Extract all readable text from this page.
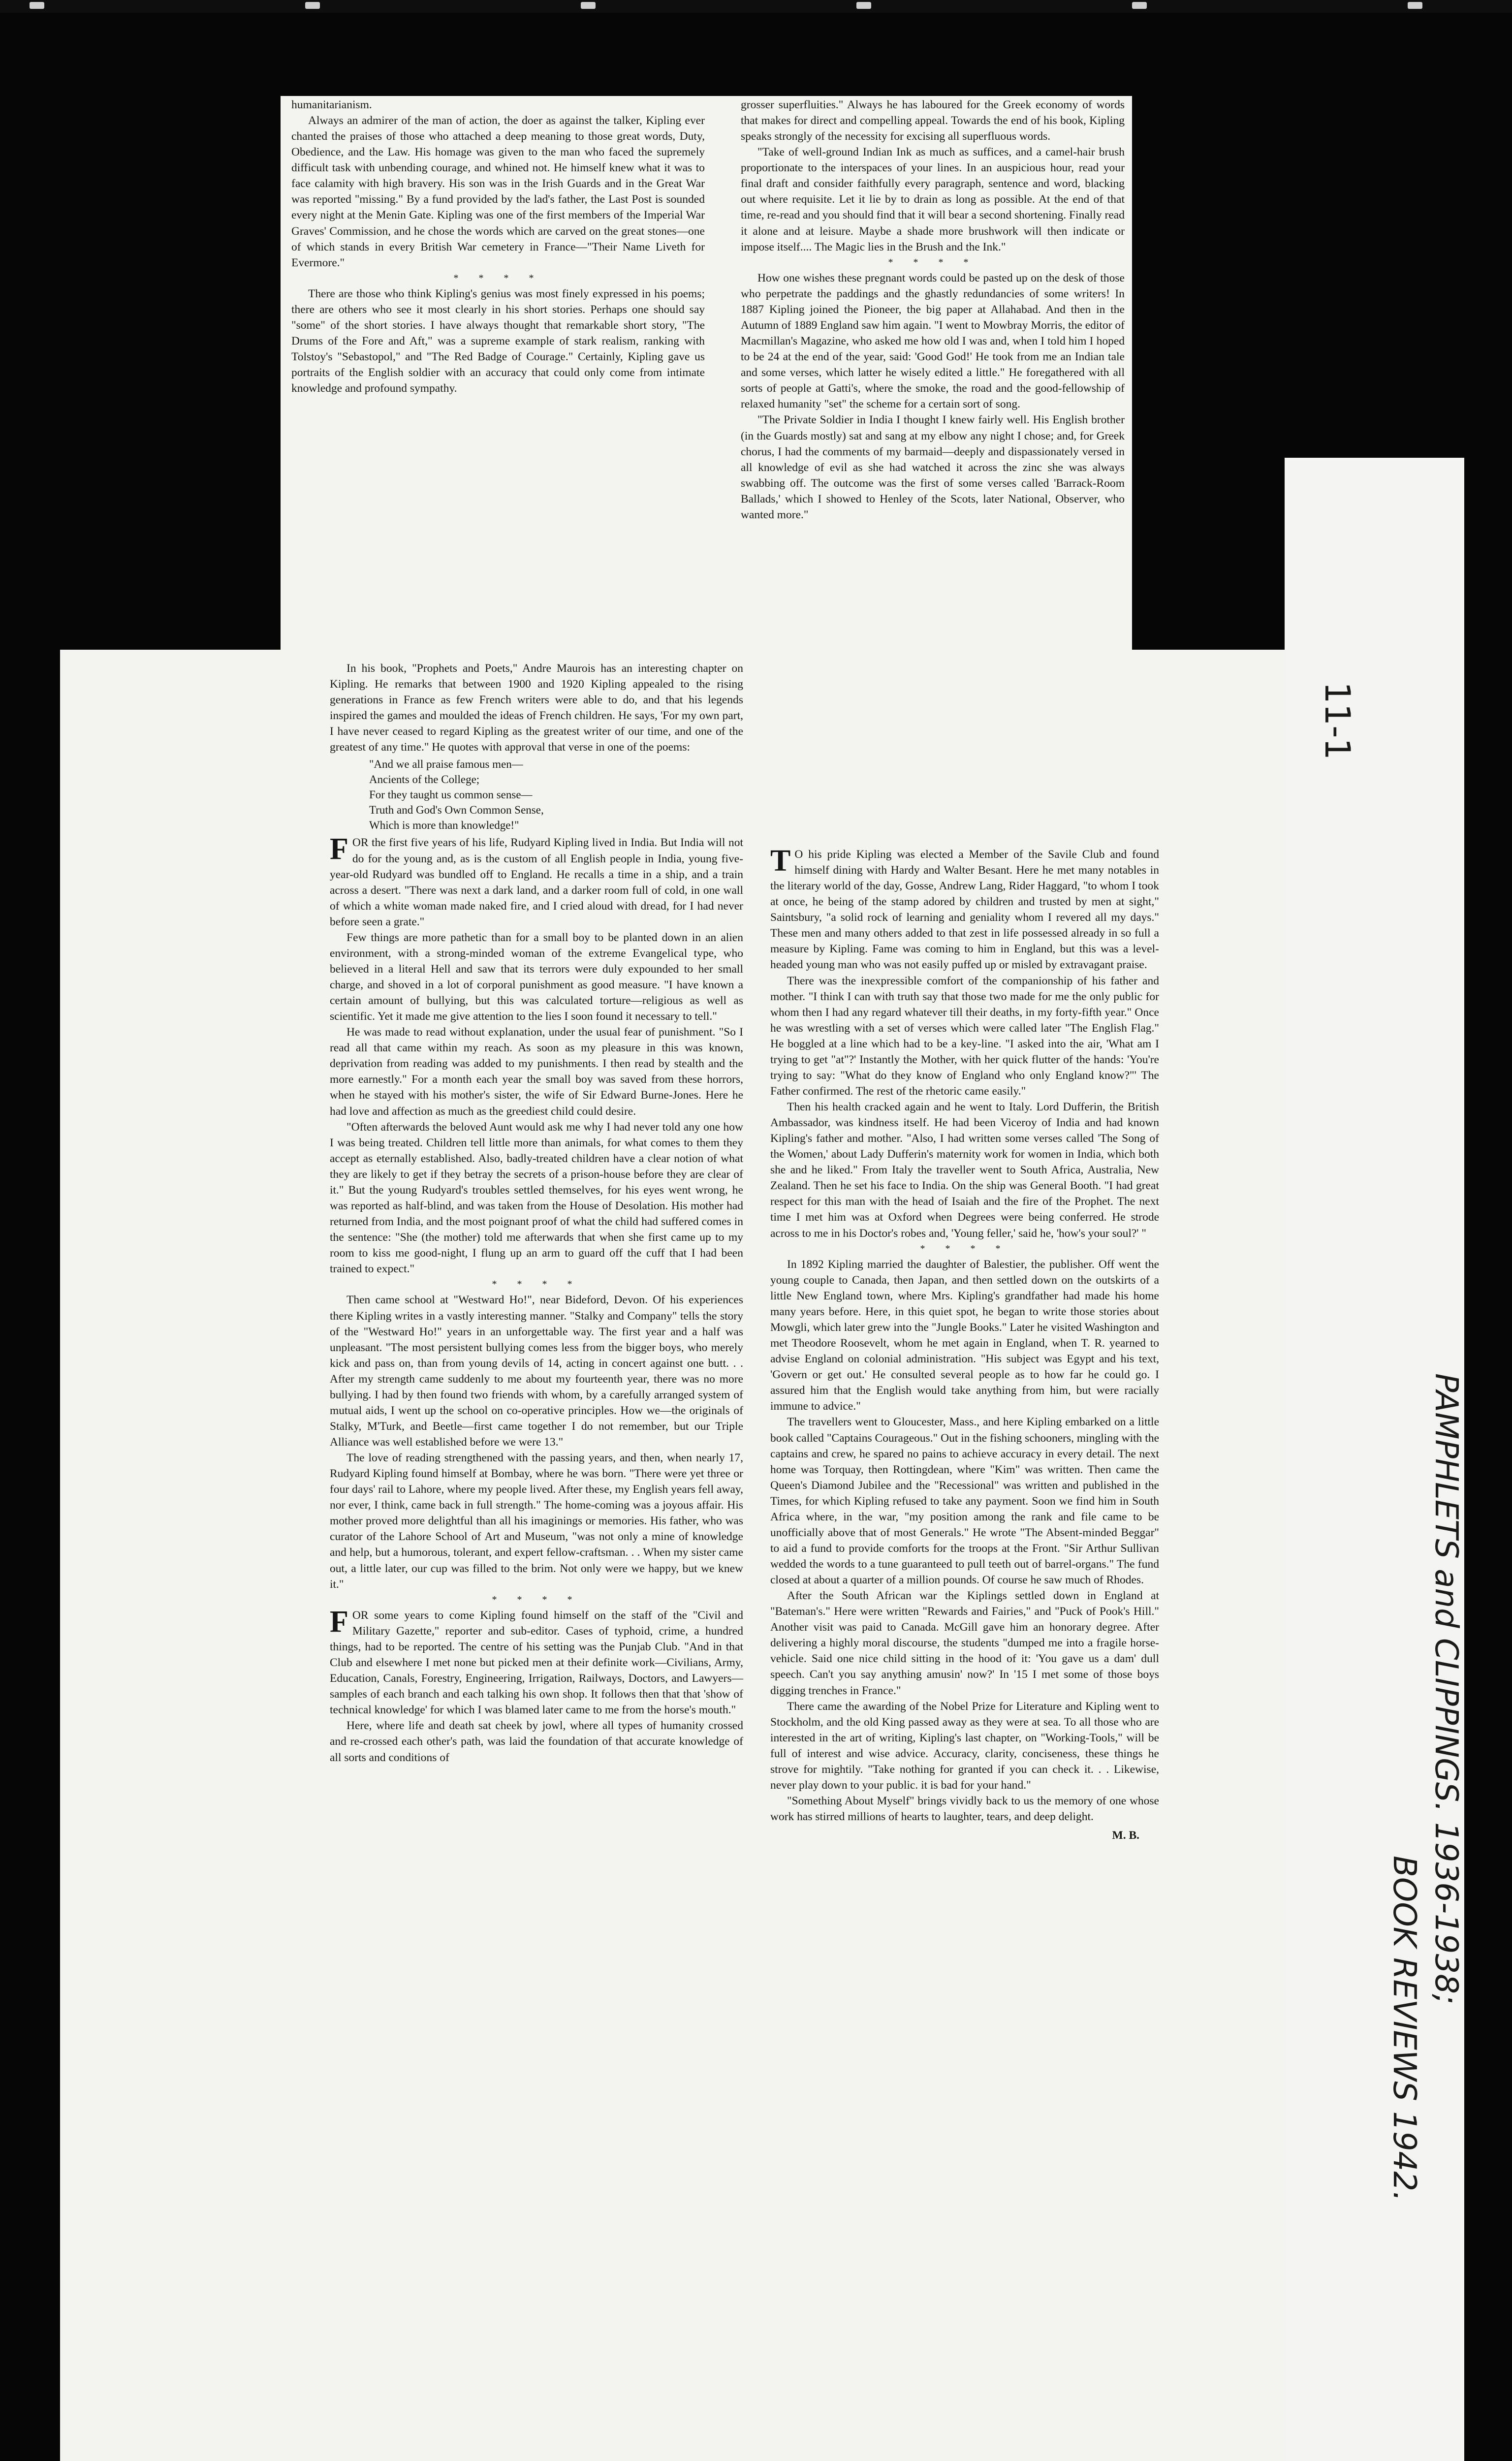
humanitarianism.

Always an admirer of the man of action, the doer as against the talker, Kipling ever chanted the praises of those who attached a deep meaning to those great words, Duty, Obedience, and the Law. His homage was given to the man who faced the supremely difficult task with unbending courage, and whined not. He himself knew what it was to face calamity with high bravery. His son was in the Irish Guards and in the Great War was reported "missing." By a fund provided by the lad's father, the Last Post is sounded every night at the Menin Gate. Kipling was one of the first members of the Imperial War Graves' Commission, and he chose the words which are carved on the great stones—one of which stands in every British War cemetery in France—"Their Name Liveth for Evermore."

* * * *

There are those who think Kipling's genius was most finely expressed in his poems; there are others who see it most clearly in his short stories. Perhaps one should say "some" of the short stories. I have always thought that remarkable short story, "The Drums of the Fore and Aft," was a supreme example of stark realism, ranking with Tolstoy's "Sebastopol," and "The Red Badge of Courage." Certainly, Kipling gave us portraits of the English soldier with an accuracy that could only come from intimate knowledge and profound sympathy.

grosser superfluities." Always he has laboured for the Greek economy of words that makes for direct and compelling appeal. Towards the end of his book, Kipling speaks strongly of the necessity for excising all superfluous words.

"Take of well-ground Indian Ink as much as suffices, and a camel-hair brush proportionate to the interspaces of your lines. In an auspicious hour, read your final draft and consider faithfully every paragraph, sentence and word, blacking out where requisite. Let it lie by to drain as long as possible. At the end of that time, re-read and you should find that it will bear a second shortening. Finally read it alone and at leisure. Maybe a shade more brushwork will then indicate or impose itself.... The Magic lies in the Brush and the Ink."

* * * *

How one wishes these pregnant words could be pasted up on the desk of those who perpetrate the paddings and the ghastly redundancies of some writers! In 1887 Kipling joined the Pioneer, the big paper at Allahabad. And then in the Autumn of 1889 England saw him again. "I went to Mowbray Morris, the editor of Macmillan's Magazine, who asked me how old I was and, when I told him I hoped to be 24 at the end of the year, said: 'Good God!' He took from me an Indian tale and some verses, which latter he wisely edited a little." He foregathered with all sorts of people at Gatti's, where the smoke, the road and the good-fellowship of relaxed humanity "set" the scheme for a certain sort of song.

"The Private Soldier in India I thought I knew fairly well. His English brother (in the Guards mostly) sat and sang at my elbow any night I chose; and, for Greek chorus, I had the comments of my barmaid—deeply and dispassionately versed in all knowledge of evil as she had watched it across the zinc she was always swabbing off. The outcome was the first of some verses called 'Barrack-Room Ballads,' which I showed to Henley of the Scots, later National, Observer, who wanted more."

In his book, "Prophets and Poets," Andre Maurois has an interesting chapter on Kipling. He remarks that between 1900 and 1920 Kipling appealed to the rising generations in France as few French writers were able to do, and that his legends inspired the games and moulded the ideas of French children. He says, 'For my own part, I have never ceased to regard Kipling as the greatest writer of our time, and one of the greatest of any time." He quotes with approval that verse in one of the poems:

"And we all praise famous men—
Ancients of the College;
For they taught us common sense—
Truth and God's Own Common Sense,
Which is more than knowledge!"

FOR the first five years of his life, Rudyard Kipling lived in India. But India will not do for the young and, as is the custom of all English people in India, young five-year-old Rudyard was bundled off to England. He recalls a time in a ship, and a train across a desert. "There was next a dark land, and a darker room full of cold, in one wall of which a white woman made naked fire, and I cried aloud with dread, for I had never before seen a grate."

Few things are more pathetic than for a small boy to be planted down in an alien environment, with a strong-minded woman of the extreme Evangelical type, who believed in a literal Hell and saw that its terrors were duly expounded to her small charge, and shoved in a lot of corporal punishment as good measure. "I have known a certain amount of bullying, but this was calculated torture—religious as well as scientific. Yet it made me give attention to the lies I soon found it necessary to tell."

He was made to read without explanation, under the usual fear of punishment. "So I read all that came within my reach. As soon as my pleasure in this was known, deprivation from reading was added to my punishments. I then read by stealth and the more earnestly." For a month each year the small boy was saved from these horrors, when he stayed with his mother's sister, the wife of Sir Edward Burne-Jones. Here he had love and affection as much as the greediest child could desire.

"Often afterwards the beloved Aunt would ask me why I had never told any one how I was being treated. Children tell little more than animals, for what comes to them they accept as eternally established. Also, badly-treated children have a clear notion of what they are likely to get if they betray the secrets of a prison-house before they are clear of it." But the young Rudyard's troubles settled themselves, for his eyes went wrong, he was reported as half-blind, and was taken from the House of Desolation. His mother had returned from India, and the most poignant proof of what the child had suffered comes in the sentence: "She (the mother) told me afterwards that when she first came up to my room to kiss me good-night, I flung up an arm to guard off the cuff that I had been trained to expect."

* * * *

Then came school at "Westward Ho!", near Bideford, Devon. Of his experiences there Kipling writes in a vastly interesting manner. "Stalky and Company" tells the story of the "Westward Ho!" years in an unforgettable way. The first year and a half was unpleasant. "The most persistent bullying comes less from the bigger boys, who merely kick and pass on, than from young devils of 14, acting in concert against one butt. . . After my strength came suddenly to me about my fourteenth year, there was no more bullying. I had by then found two friends with whom, by a carefully arranged system of mutual aids, I went up the school on co-operative principles. How we—the originals of Stalky, M'Turk, and Beetle—first came together I do not remember, but our Triple Alliance was well established before we were 13."

The love of reading strengthened with the passing years, and then, when nearly 17, Rudyard Kipling found himself at Bombay, where he was born. "There were yet three or four days' rail to Lahore, where my people lived. After these, my English years fell away, nor ever, I think, came back in full strength." The home-coming was a joyous affair. His mother proved more delightful than all his imaginings or memories. His father, who was curator of the Lahore School of Art and Museum, "was not only a mine of knowledge and help, but a humorous, tolerant, and expert fellow-craftsman. . . When my sister came out, a little later, our cup was filled to the brim. Not only were we happy, but we knew it."

* * * *

FOR some years to come Kipling found himself on the staff of the "Civil and Military Gazette," reporter and sub-editor. Cases of typhoid, crime, a hundred things, had to be reported. The centre of his setting was the Punjab Club. "And in that Club and elsewhere I met none but picked men at their definite work—Civilians, Army, Education, Canals, Forestry, Engineering, Irrigation, Railways, Doctors, and Lawyers—samples of each branch and each talking his own shop. It follows then that that 'show of technical knowledge' for which I was blamed later came to me from the horse's mouth."

Here, where life and death sat cheek by jowl, where all types of humanity crossed and re-crossed each other's path, was laid the foundation of that accurate knowledge of all sorts and conditions of

T O his pride Kipling was elected a Member of the Savile Club and found himself dining with Hardy and Walter Besant. Here he met many notables in the literary world of the day, Gosse, Andrew Lang, Rider Haggard, "to whom I took at once, he being of the stamp adored by children and trusted by men at sight," Saintsbury, "a solid rock of learning and geniality whom I revered all my days." These men and many others added to that zest in life possessed already in so full a measure by Kipling. Fame was coming to him in England, but this was a level-headed young man who was not easily puffed up or misled by extravagant praise.

There was the inexpressible comfort of the companionship of his father and mother. "I think I can with truth say that those two made for me the only public for whom then I had any regard whatever till their deaths, in my forty-fifth year." Once he was wrestling with a set of verses which were called later "The English Flag." He boggled at a line which had to be a key-line. "I asked into the air, 'What am I trying to get "at"?' Instantly the Mother, with her quick flutter of the hands: 'You're trying to say: "What do they know of England who only England know?"' The Father confirmed. The rest of the rhetoric came easily."

Then his health cracked again and he went to Italy. Lord Dufferin, the British Ambassador, was kindness itself. He had been Viceroy of India and had known Kipling's father and mother. "Also, I had written some verses called 'The Song of the Women,' about Lady Dufferin's maternity work for women in India, which both she and he liked." From Italy the traveller went to South Africa, Australia, New Zealand. Then he set his face to India. On the ship was General Booth. "I had great respect for this man with the head of Isaiah and the fire of the Prophet. The next time I met him was at Oxford when Degrees were being conferred. He strode across to me in his Doctor's robes and, 'Young feller,' said he, 'how's your soul?' "

* * * *

In 1892 Kipling married the daughter of Balestier, the publisher. Off went the young couple to Canada, then Japan, and then settled down on the outskirts of a little New England town, where Mrs. Kipling's grandfather had made his home many years before. Here, in this quiet spot, he began to write those stories about Mowgli, which later grew into the "Jungle Books." Later he visited Washington and met Theodore Roosevelt, whom he met again in England, when T. R. yearned to advise England on colonial administration. "His subject was Egypt and his text, 'Govern or get out.' He consulted several people as to how far he could go. I assured him that the English would take anything from him, but were racially immune to advice."

The travellers went to Gloucester, Mass., and here Kipling embarked on a little book called "Captains Courageous." Out in the fishing schooners, mingling with the captains and crew, he spared no pains to achieve accuracy in every detail. The next home was Torquay, then Rottingdean, where "Kim" was written. Then came the Queen's Diamond Jubilee and the "Recessional" was written and published in the Times, for which Kipling refused to take any payment. Soon we find him in South Africa where, in the war, "my position among the rank and file came to be unofficially above that of most Generals." He wrote "The Absent-minded Beggar" to aid a fund to provide comforts for the troops at the Front. "Sir Arthur Sullivan wedded the words to a tune guaranteed to pull teeth out of barrel-organs." The fund closed at about a quarter of a million pounds. Of course he saw much of Rhodes.

After the South African war the Kiplings settled down in England at "Bateman's." Here were written "Rewards and Fairies," and "Puck of Pook's Hill." Another visit was paid to Canada. McGill gave him an honorary degree. After delivering a highly moral discourse, the students "dumped me into a fragile horse-vehicle. Said one nice child sitting in the hood of it: 'You gave us a dam' dull speech. Can't you say anything amusin' now?' In '15 I met some of those boys digging trenches in France."

There came the awarding of the Nobel Prize for Literature and Kipling went to Stockholm, and the old King passed away as they were at sea. To all those who are interested in the art of writing, Kipling's last chapter, on "Working-Tools," will be full of interest and wise advice. Accuracy, clarity, conciseness, these things he strove for mightily. "Take nothing for granted if you can check it. . . Likewise, never play down to your public. it is bad for your hand."

"Something About Myself" brings vividly back to us the memory of one whose work has stirred millions of hearts to laughter, tears, and deep delight.

M. B.
11-1
PAMPHLETS and CLIPPINGS. 1936-1938;
BOOK REVIEWS 1942.
